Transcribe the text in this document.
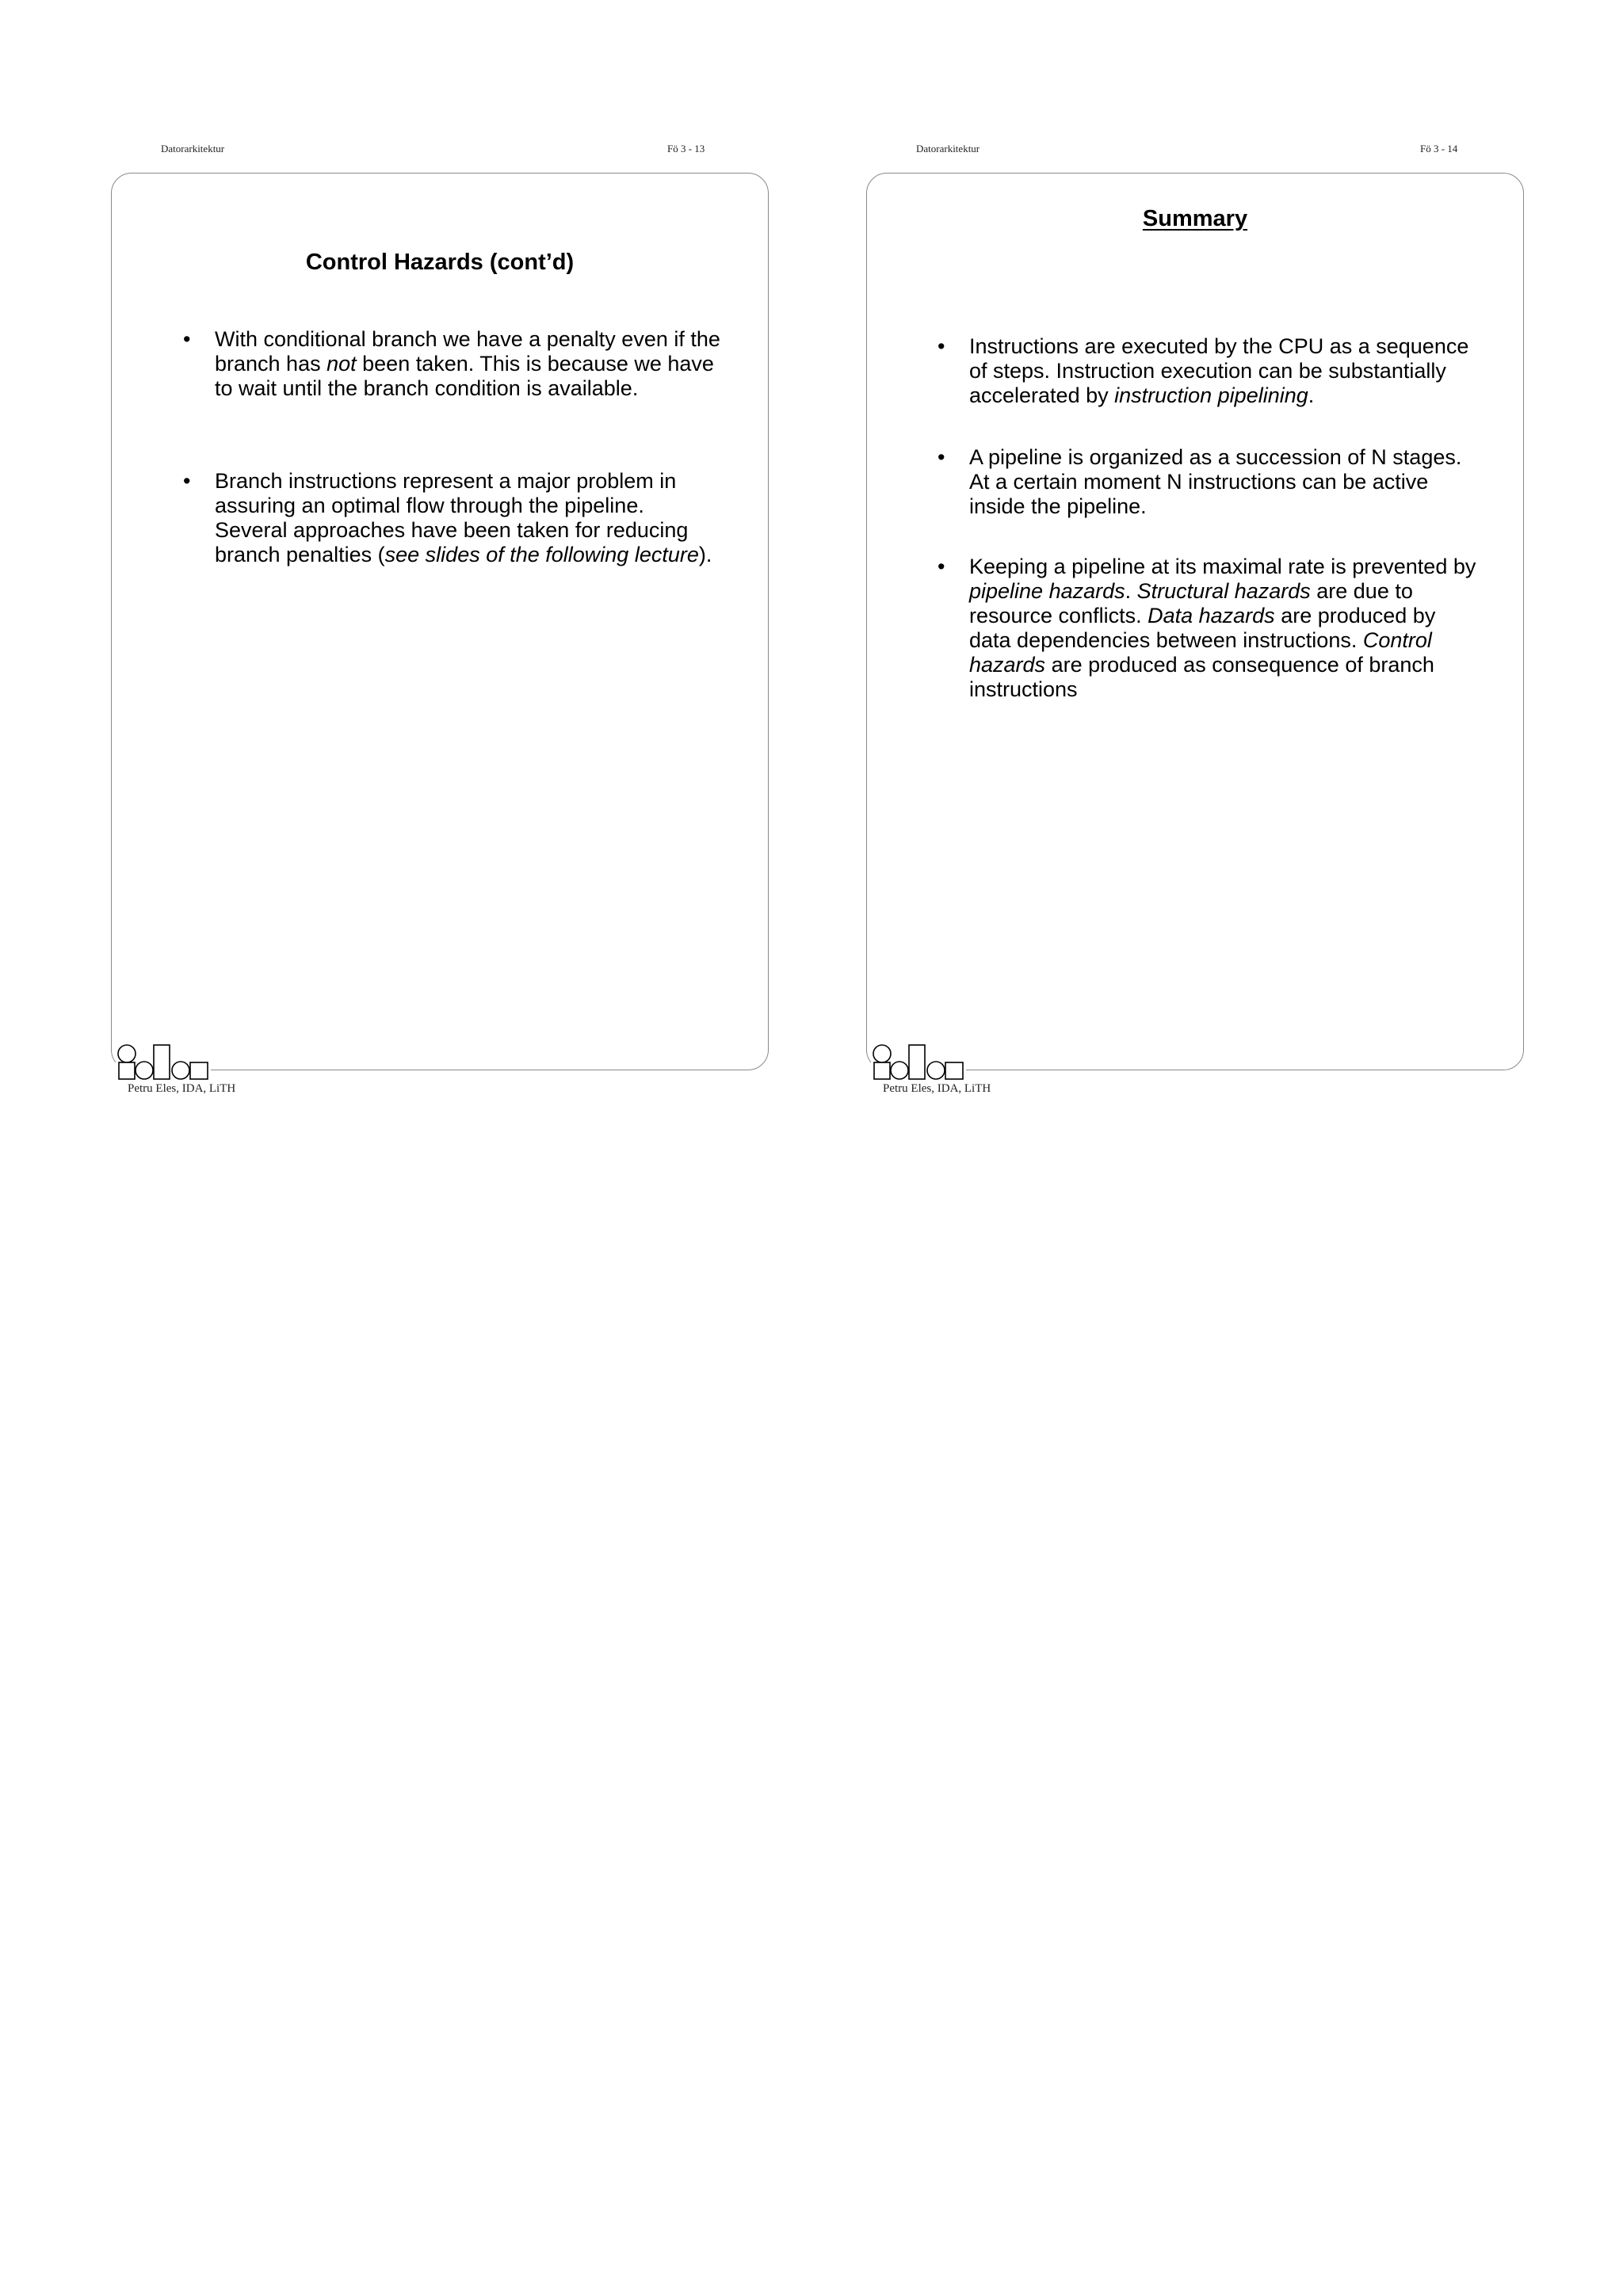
Datorarkitektur	Fö 3 - 13
Control Hazards (cont’d)
• With conditional branch we have a penalty even if the branch has not been taken. This is because we have to wait until the branch condition is available.
• Branch instructions represent a major problem in assuring an optimal flow through the pipeline. Several approaches have been taken for reducing branch penalties (see slides of the following lecture).
Petru Eles, IDA, LiTH
Datorarkitektur	Fö 3 - 14
Summary
• Instructions are executed by the CPU as a sequence of steps. Instruction execution can be substantially accelerated by instruction pipelining.
• A pipeline is organized as a succession of N stages. At a certain moment N instructions can be active inside the pipeline.
• Keeping a pipeline at its maximal rate is prevented by pipeline hazards. Structural hazards are due to resource conflicts. Data hazards are produced by data dependencies between instructions. Control hazards are produced as consequence of branch instructions
Petru Eles, IDA, LiTH
